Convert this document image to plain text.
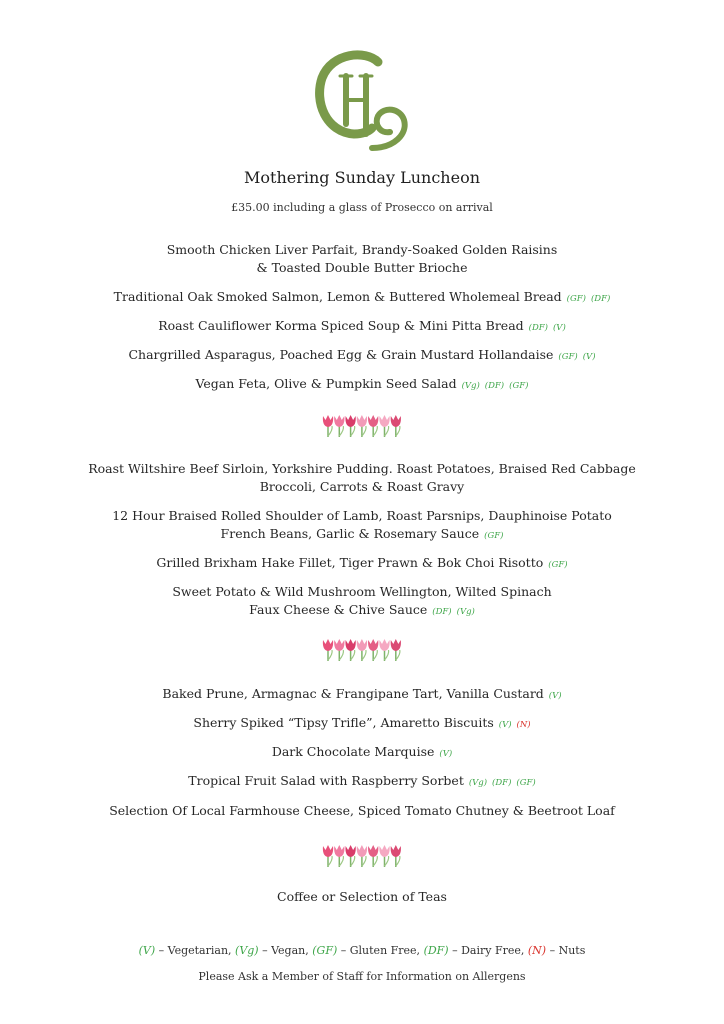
Mothering Sunday Luncheon
£35.00 including a glass of Prosecco on arrival
Smooth Chicken Liver Parfait, Brandy-Soaked Golden Raisins
& Toasted Double Butter Brioche
Traditional Oak Smoked Salmon, Lemon & Buttered Wholemeal Bread (GF) (DF)
Roast Cauliflower Korma Spiced Soup & Mini Pitta Bread (DF) (V)
Chargrilled Asparagus, Poached Egg & Grain Mustard Hollandaise (GF) (V)
Vegan Feta, Olive & Pumpkin Seed Salad (Vg) (DF) (GF)
Roast Wiltshire Beef Sirloin, Yorkshire Pudding. Roast Potatoes, Braised Red Cabbage
Broccoli, Carrots & Roast Gravy
12 Hour Braised Rolled Shoulder of Lamb, Roast Parsnips, Dauphinoise Potato
French Beans, Garlic & Rosemary Sauce (GF)
Grilled Brixham Hake Fillet, Tiger Prawn & Bok Choi Risotto (GF)
Sweet Potato & Wild Mushroom Wellington, Wilted Spinach
Faux Cheese & Chive Sauce (DF) (Vg)
Baked Prune, Armagnac & Frangipane Tart, Vanilla Custard (V)
Sherry Spiked “Tipsy Trifle”, Amaretto Biscuits (V) (N)
Dark Chocolate Marquise (V)
Tropical Fruit Salad with Raspberry Sorbet (Vg) (DF) (GF)
Selection Of Local Farmhouse Cheese, Spiced Tomato Chutney & Beetroot Loaf
Coffee or Selection of Teas
(V) – Vegetarian, (Vg) – Vegan, (GF) – Gluten Free, (DF) – Dairy Free, (N) – Nuts
Please Ask a Member of Staff for Information on Allergens
